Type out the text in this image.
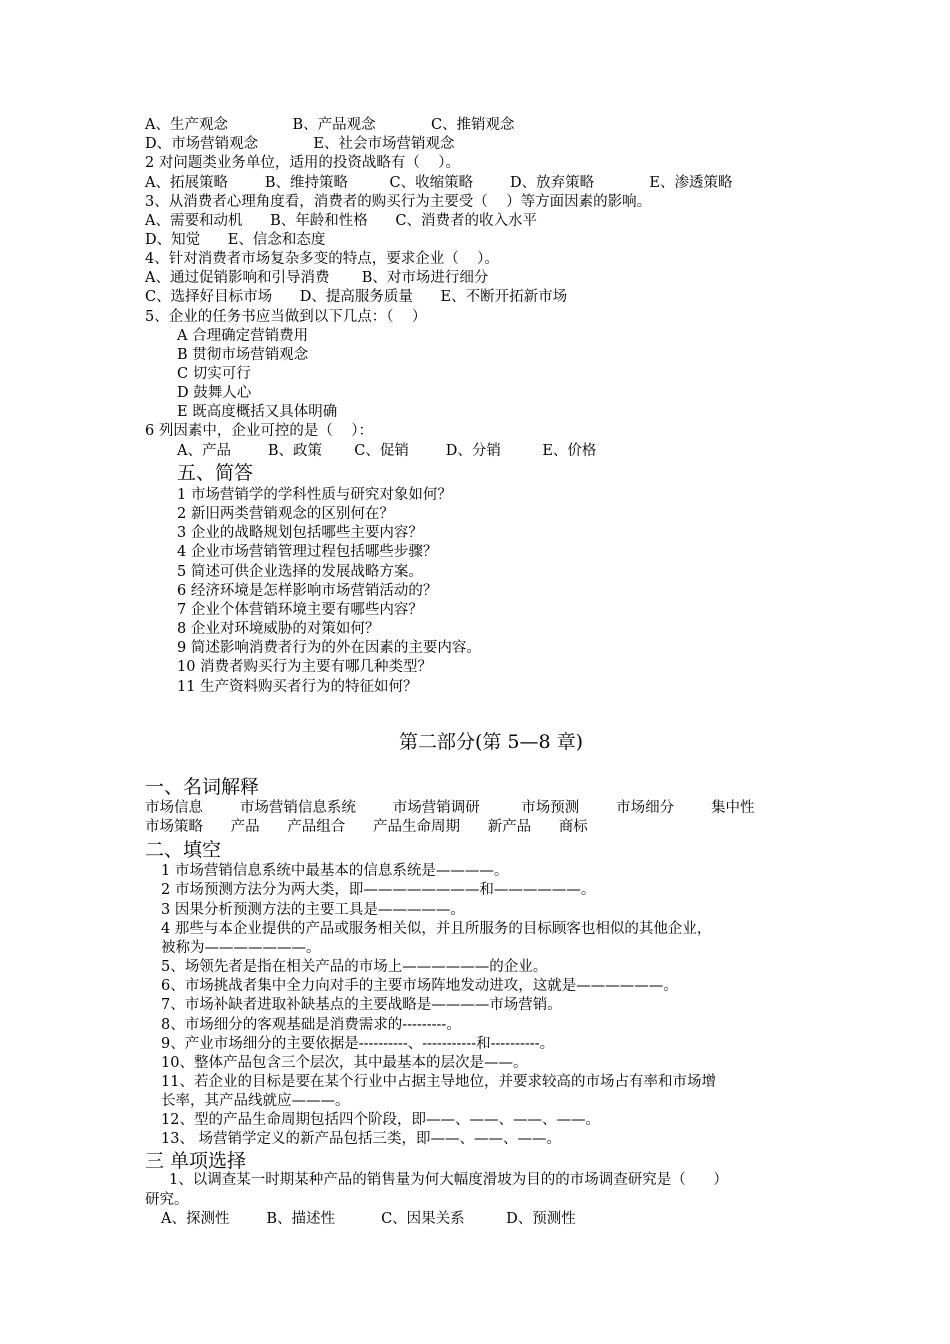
A、生产观念              B、产品观念            C、推销观念
D、市场营销观念            E、社会市场营销观念
2 对问题类业务单位，适用的投资战略有（    ）。
A、拓展策略        B、维持策略         C、收缩策略        D、放弃策略            E、渗透策略
3、从消费者心理角度看，消费者的购买行为主要受（    ）等方面因素的影响。
A、需要和动机      B、年龄和性格      C、消费者的收入水平
D、知觉      E、信念和态度
4、针对消费者市场复杂多变的特点，要求企业（    ）。
A、通过促销影响和引导消费       B、对市场进行细分
C、选择好目标市场      D、提高服务质量      E、不断开拓新市场
5、企业的任务书应当做到以下几点：（    ）
A 合理确定营销费用
B 贯彻市场营销观念
C 切实可行
D 鼓舞人心
E 既高度概括又具体明确
6 列因素中，企业可控的是（    ）：
A、产品        B、政策       C、促销        D、分销         E、价格
五、简答
1 市场营销学的学科性质与研究对象如何？
2 新旧两类营销观念的区别何在？
3 企业的战略规划包括哪些主要内容？
4 企业市场营销管理过程包括哪些步骤？
5 简述可供企业选择的发展战略方案。
6 经济环境是怎样影响市场营销活动的？
7 企业个体营销环境主要有哪些内容？
8 企业对环境威胁的对策如何？
9 简述影响消费者行为的外在因素的主要内容。
10 消费者购买行为主要有哪几种类型？
11 生产资料购买者行为的特征如何？
第二部分(第 5—8 章)
一、名词解释
市场信息        市场营销信息系统        市场营销调研         市场预测        市场细分        集中性
市场策略      产品      产品组合      产品生命周期      新产品      商标
二、填空
1 市场营销信息系统中最基本的信息系统是————。
2 市场预测方法分为两大类，即————————和——————。
3 因果分析预测方法的主要工具是—————。
4 那些与本企业提供的产品或服务相关似，并且所服务的目标顾客也相似的其他企业，
被称为———————。
5、场领先者是指在相关产品的市场上——————的企业。
6、市场挑战者集中全力向对手的主要市场阵地发动进攻，这就是——————。
7、市场补缺者进取补缺基点的主要战略是————市场营销。
8、市场细分的客观基础是消费需求的---------。
9、产业市场细分的主要依据是----------、-----------和----------。
10、整体产品包含三个层次，其中最基本的层次是——。
11、若企业的目标是要在某个行业中占据主导地位，并要求较高的市场占有率和市场增
长率，其产品线就应———。
12、型的产品生命周期包括四个阶段，即——、——、——、——。
13、 场营销学定义的新产品包括三类，即——、——、——。
三 单项选择
1、以调查某一时期某种产品的销售量为何大幅度滑坡为目的的市场调查研究是（      ）
研究。
A、探测性        B、描述性          C、因果关系         D、预测性
